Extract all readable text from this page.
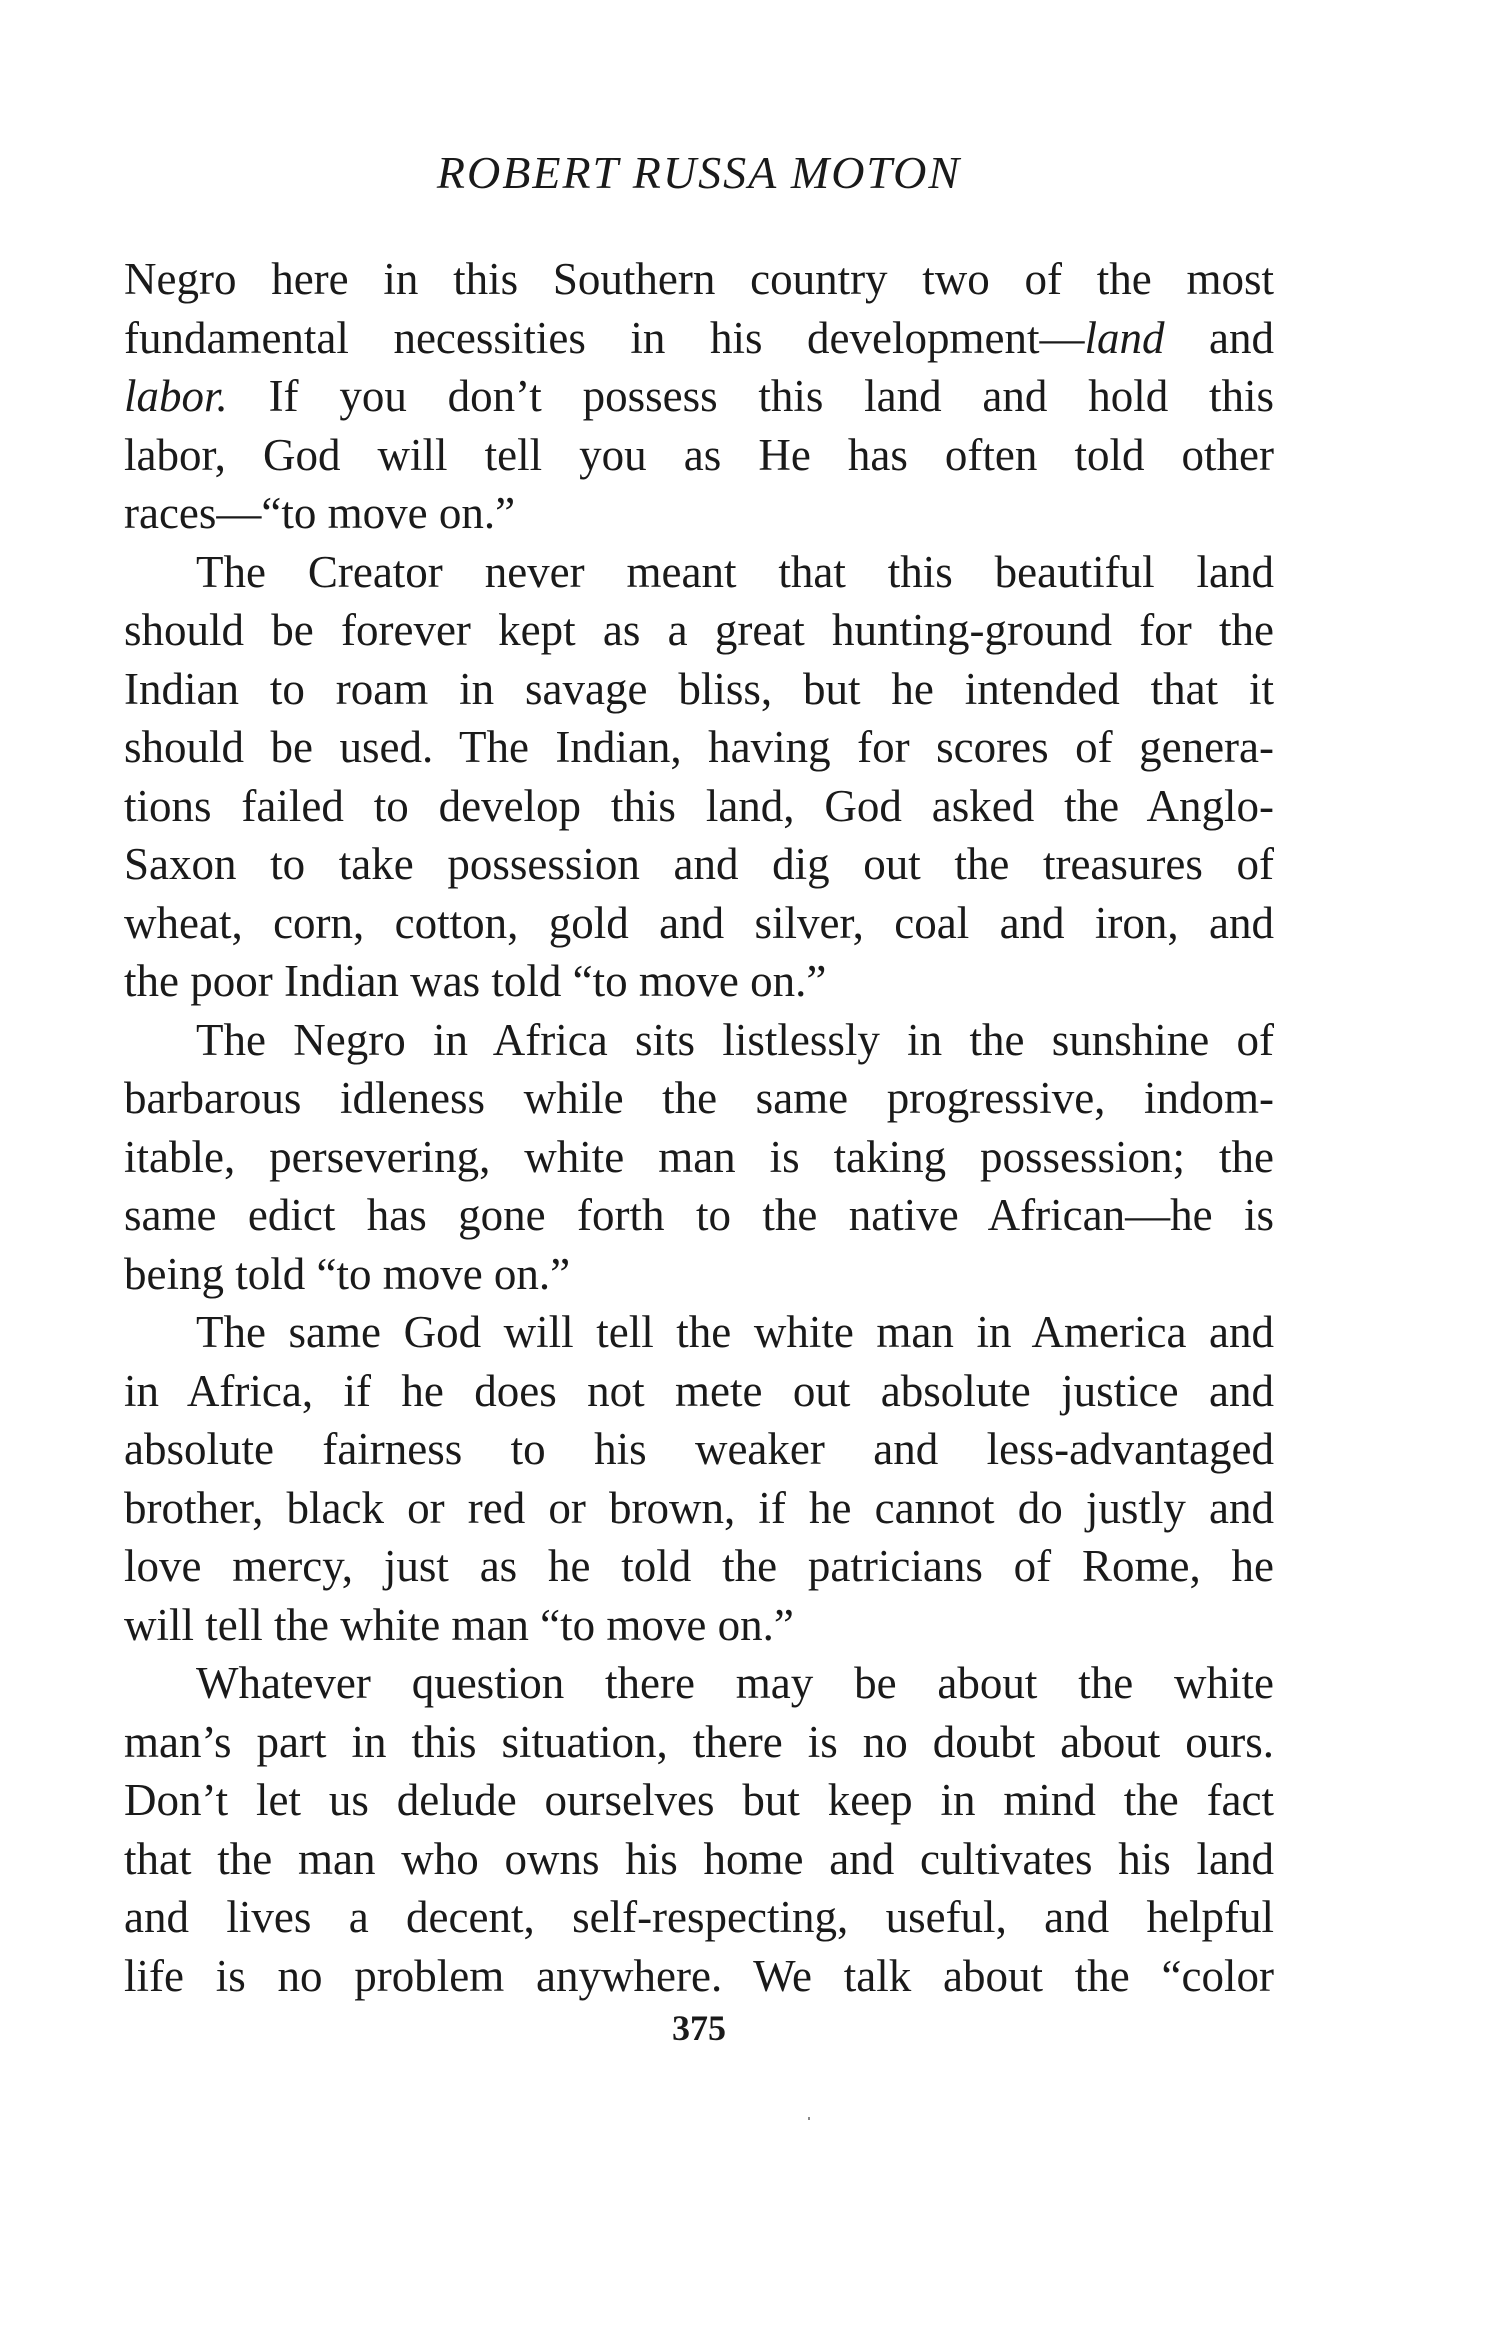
ROBERT RUSSA MOTON
Negro here in this Southern country two of the most
fundamental necessities in his development—land and
labor. If you don’t possess this land and hold this
labor, God will tell you as He has often told other
races—“to move on.”
The Creator never meant that this beautiful land
should be forever kept as a great hunting-ground for the
Indian to roam in savage bliss, but he intended that it
should be used. The Indian, having for scores of genera-
tions failed to develop this land, God asked the Anglo-
Saxon to take possession and dig out the treasures of
wheat, corn, cotton, gold and silver, coal and iron, and
the poor Indian was told “to move on.”
The Negro in Africa sits listlessly in the sunshine of
barbarous idleness while the same progressive, indom-
itable, persevering, white man is taking possession; the
same edict has gone forth to the native African—he is
being told “to move on.”
The same God will tell the white man in America and
in Africa, if he does not mete out absolute justice and
absolute fairness to his weaker and less-advantaged
brother, black or red or brown, if he cannot do justly and
love mercy, just as he told the patricians of Rome, he
will tell the white man “to move on.”
Whatever question there may be about the white
man’s part in this situation, there is no doubt about ours.
Don’t let us delude ourselves but keep in mind the fact
that the man who owns his home and cultivates his land
and lives a decent, self-respecting, useful, and helpful
life is no problem anywhere. We talk about the “color
375
